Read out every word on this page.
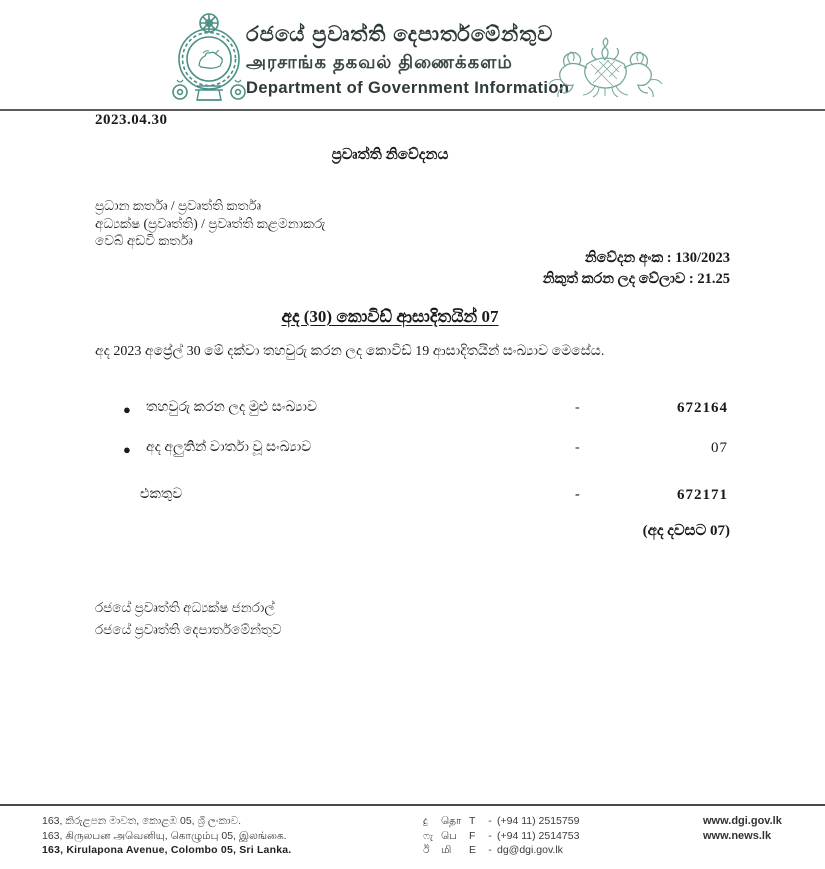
රජයේ ප්‍රවෘත්ති දෙපාර්තමේන්තුව
அரசாங்க தகவல் திணைக்களம்
Department of Government Information
2023.04.30
ප්‍රවෘත්ති නිවේදනය
ප්‍රධාන කර්තෘ / ප්‍රවෘත්ති කර්තෘ
අධ්‍යක්ෂ (ප්‍රවෘත්ති) / ප්‍රවෘත්ති කළමනාකරු
වෙබ් අඩවි කර්තෘ
නිවේදන අංක : 130/2023
නිකුත් කරන ලද වේලාව : 21.25
අද (30) කොවිඩ් ආසාදිතයින් 07
අද 2023 අප්‍රේල් 30 මේ දක්වා තහවුරු කරන ලද කොවිඩ් 19 ආසාදිතයින් සංඛ්‍යාව මෙසේය.
● තහවුරු කරන ලද මුළු සංඛ්‍යාව	-	672164
● අද අලුතින් වාර්තා වූ සංඛ්‍යාව	-	07
එකතුව	-	672171
(අද දවසට 07)
රජයේ ප්‍රවෘත්ති අධ්‍යක්ෂ ජනරාල්
රජයේ ප්‍රවෘත්ති දෙපාර්තමේන්තුව
163, කිරුළපන මාවත, කොළඹ 05, ශ්‍රී ලංකාව.
163, கிருலபன அவெனியு, கொழும்பு 05, இலங்கை.
163, Kirulapona Avenue, Colombo 05, Sri Lanka.
දු	தொ T	- (+94 11) 2515759
ෆැ பெ	F	- (+94 11) 2514753
ඊ	மி	E	- dg@dgi.gov.lk
www.dgi.gov.lk
www.news.lk
